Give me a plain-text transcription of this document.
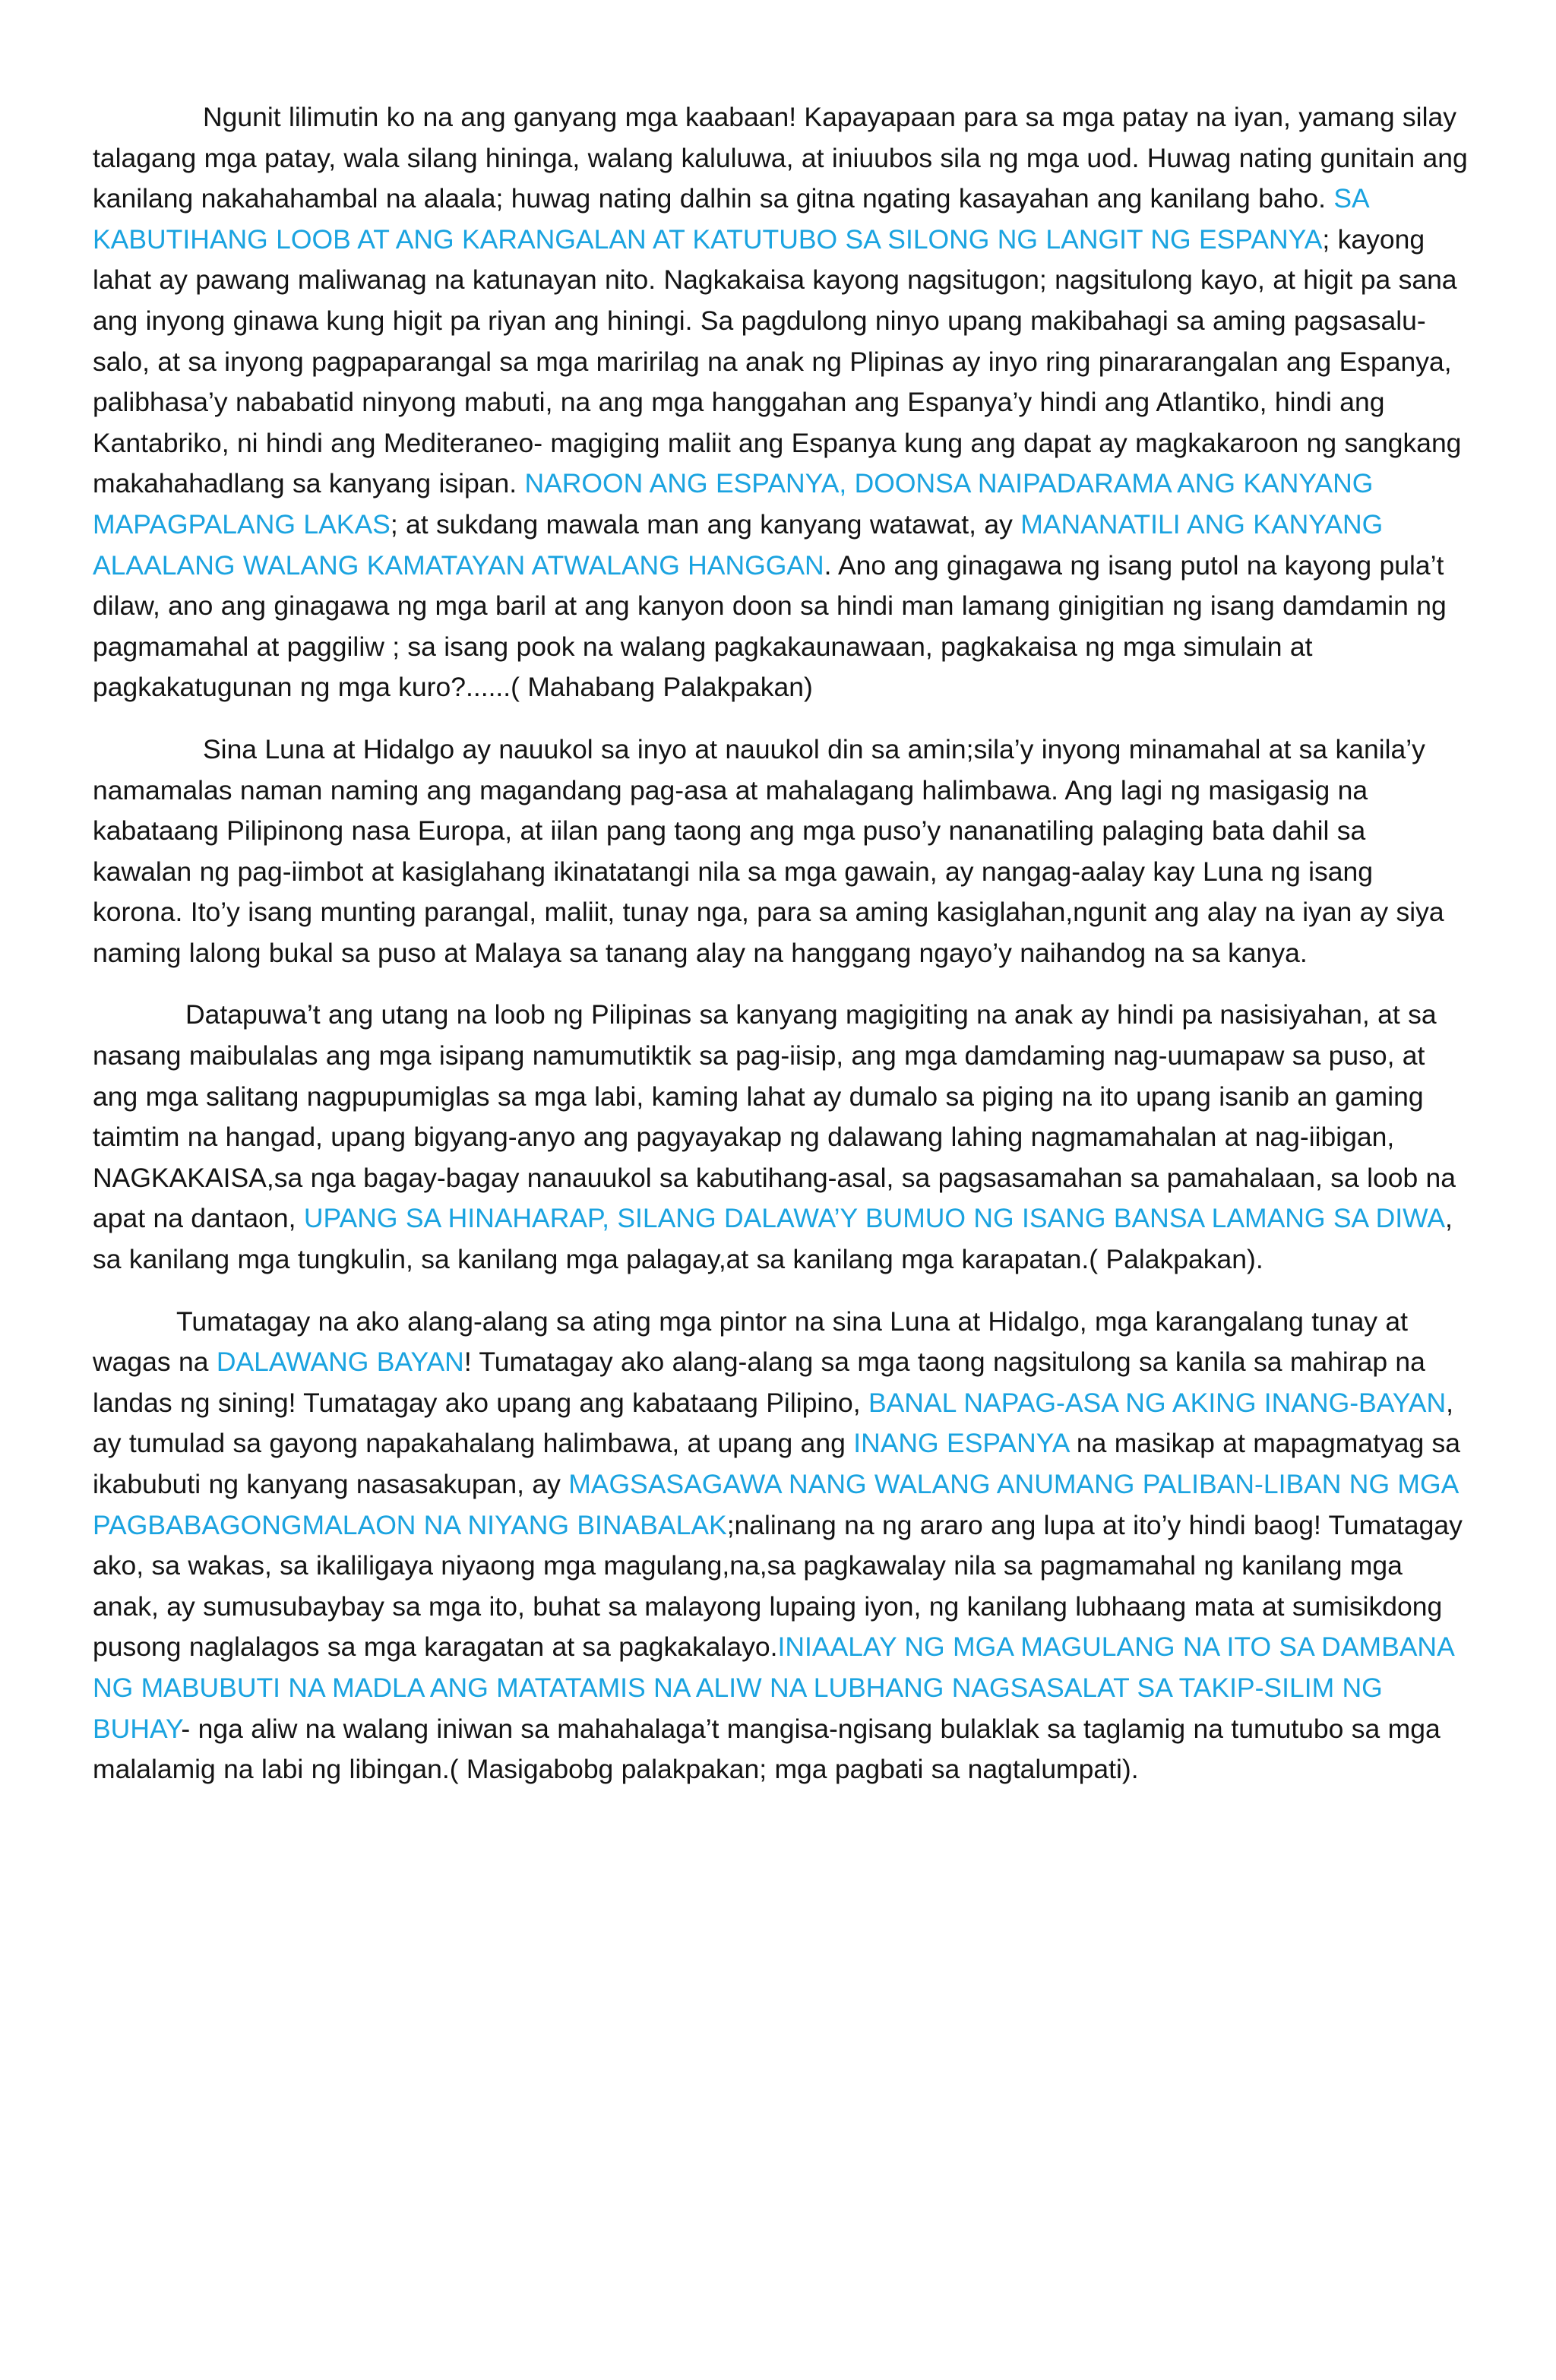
Ngunit lilimutin ko na ang ganyang mga kaabaan! Kapayapaan para sa mga patay na iyan, yamang silay talagang mga patay, wala silang hininga, walang kaluluwa, at iniuubos sila ng mga uod. Huwag nating gunitain ang kanilang nakahahambal na alaala; huwag nating dalhin sa gitna ngating kasayahan ang kanilang baho. SA KABUTIHANG LOOB AT ANG KARANGALAN AT KATUTUBO SA SILONG NG LANGIT NG ESPANYA; kayong lahat ay pawang maliwanag na katunayan nito. Nagkakaisa kayong nagsitugon; nagsitulong kayo, at higit pa sana ang inyong ginawa kung higit pa riyan ang hiningi. Sa pagdulong ninyo upang makibahagi sa aming pagsasalu-salo, at sa inyong pagpaparangal sa mga maririlag na anak ng Plipinas ay inyo ring pinararangalan ang Espanya, palibhasa’y nababatid ninyong mabuti, na ang mga hanggahan ang Espanya’y hindi ang Atlantiko, hindi ang Kantabriko, ni hindi ang Mediteraneo- magiging maliit ang Espanya kung ang dapat ay magkakaroon ng sangkang makahahadlang sa kanyang isipan. NAROON ANG ESPANYA, DOONSA NAIPADARAMA ANG KANYANG MAPAGPALANG LAKAS; at sukdang mawala man ang kanyang watawat, ay MANANATILI ANG KANYANG ALAALANG WALANG KAMATAYAN ATWALANG HANGGAN. Ano ang ginagawa ng isang putol na kayong pula’t dilaw, ano ang ginagawa ng mga baril at ang kanyon doon sa hindi man lamang ginigitian ng isang damdamin ng pagmamahal at paggiliw ; sa isang pook na walang pagkakaunawaan, pagkakaisa ng mga simulain at pagkakatugunan ng mga kuro?......( Mahabang Palakpakan)

Sina Luna at Hidalgo ay nauukol sa inyo at nauukol din sa amin;sila’y inyong minamahal at sa kanila’y namamalas naman naming ang magandang pag-asa at mahalagang halimbawa. Ang lagi ng masigasig na kabataang Pilipinong nasa Europa, at iilan pang taong ang mga puso’y nananatiling palaging bata dahil sa kawalan ng pag-iimbot at kasiglahang ikinatatangi nila sa mga gawain, ay nangag-aalay kay Luna ng isang korona. Ito’y isang munting parangal, maliit, tunay nga, para sa aming kasiglahan,ngunit ang alay na iyan ay siya naming lalong bukal sa puso at Malaya sa tanang alay na hanggang ngayo’y naihandog na sa kanya.

Datapuwa’t ang utang na loob ng Pilipinas sa kanyang magigiting na anak ay hindi pa nasisiyahan, at sa nasang maibulalas ang mga isipang namumutiktik sa pag-iisip, ang mga damdaming nag-uumapaw sa puso, at ang mga salitang nagpupumiglas sa mga labi, kaming lahat ay dumalo sa piging na ito upang isanib an gaming taimtim na hangad, upang bigyang-anyo ang pagyayakap ng dalawang lahing nagmamahalan at nag-iibigan, NAGKAKAISA,sa nga bagay-bagay nanauukol sa kabutihang-asal, sa pagsasamahan sa pamahalaan, sa loob na apat na dantaon, UPANG SA HINAHARAP, SILANG DALAWA’Y BUMUO NG ISANG BANSA LAMANG SA DIWA, sa kanilang mga tungkulin, sa kanilang mga palagay,at sa kanilang mga karapatan.( Palakpakan).

Tumatagay na ako alang-alang sa ating mga pintor na sina Luna at Hidalgo, mga karangalang tunay at wagas na DALAWANG BAYAN! Tumatagay ako alang-alang sa mga taong nagsitulong sa kanila sa mahirap na landas ng sining! Tumatagay ako upang ang kabataang Pilipino, BANAL NAPAG-ASA NG AKING INANG-BAYAN, ay tumulad sa gayong napakahalang halimbawa, at upang ang INANG ESPANYA na masikap at mapagmatyag sa ikabubuti ng kanyang nasasakupan, ay MAGSASAGAWA NANG WALANG ANUMANG PALIBAN-LIBAN NG MGA PAGBABAGONGMALAON NA NIYANG BINABALAK;nalinang na ng araro ang lupa at ito’y hindi baog! Tumatagay ako, sa wakas, sa ikaliligaya niyaong mga magulang,na,sa pagkawalay nila sa pagmamahal ng kanilang mga anak, ay sumusubaybay sa mga ito, buhat sa malayong lupaing iyon, ng kanilang lubhaang mata at sumisikdong pusong naglalagos sa mga karagatan at sa pagkakalayo.INIAALAY NG MGA MAGULANG NA ITO SA DAMBANA NG MABUBUTI NA MADLA ANG MATATAMIS NA ALIW NA LUBHANG NAGSASALAT SA TAKIP-SILIM NG BUHAY- nga aliw na walang iniwan sa mahahalaga’t mangisa-ngisang bulaklak sa taglamig na tumutubo sa mga malalamig na labi ng libingan.( Masigabobg palakpakan; mga pagbati sa nagtalumpati).
